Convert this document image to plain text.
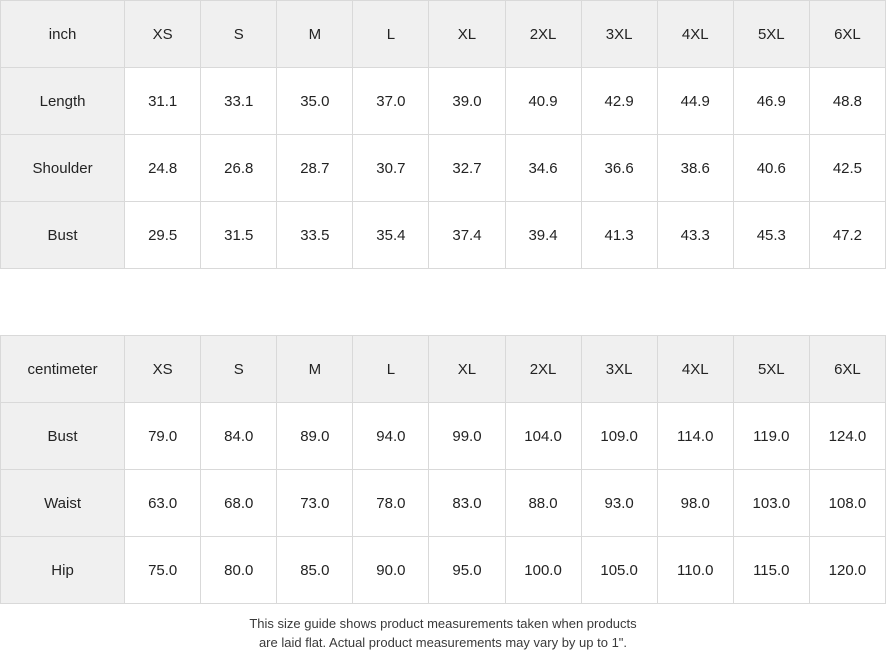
inch	XS	S	M	L	XL	2XL	3XL	4XL	5XL	6XL
Length	31.1	33.1	35.0	37.0	39.0	40.9	42.9	44.9	46.9	48.8
Shoulder	24.8	26.8	28.7	30.7	32.7	34.6	36.6	38.6	40.6	42.5
Bust	29.5	31.5	33.5	35.4	37.4	39.4	41.3	43.3	45.3	47.2
centimeter	XS	S	M	L	XL	2XL	3XL	4XL	5XL	6XL
Bust	79.0	84.0	89.0	94.0	99.0	104.0	109.0	114.0	119.0	124.0
Waist	63.0	68.0	73.0	78.0	83.0	88.0	93.0	98.0	103.0	108.0
Hip	75.0	80.0	85.0	90.0	95.0	100.0	105.0	110.0	115.0	120.0
This size guide shows product measurements taken when products
are laid flat. Actual product measurements may vary by up to 1".
